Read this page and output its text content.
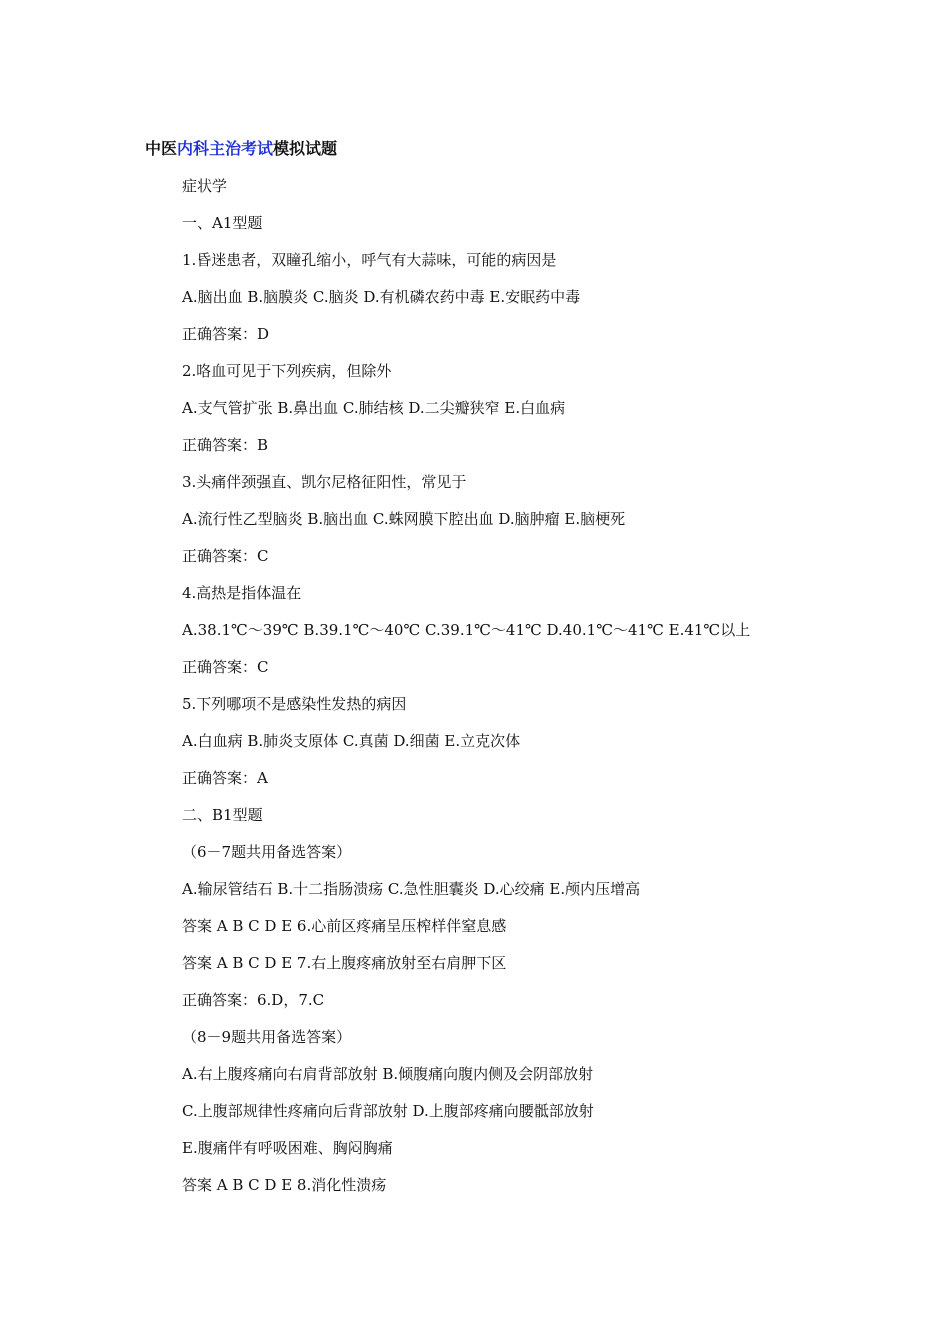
中医内科主治考试模拟试题
症状学
一、A1型题
1.昏迷患者，双瞳孔缩小，呼气有大蒜味，可能的病因是
A.脑出血 B.脑膜炎 C.脑炎 D.有机磷农药中毒 E.安眠药中毒
正确答案：D
2.咯血可见于下列疾病，但除外
A.支气管扩张 B.鼻出血 C.肺结核 D.二尖瓣狭窄 E.白血病
正确答案：B
3.头痛伴颈强直、凯尔尼格征阳性，常见于
A.流行性乙型脑炎 B.脑出血 C.蛛网膜下腔出血 D.脑肿瘤 E.脑梗死
正确答案：C
4.高热是指体温在
A.38.1℃～39℃ B.39.1℃～40℃ C.39.1℃～41℃ D.40.1℃～41℃ E.41℃以上
正确答案：C
5.下列哪项不是感染性发热的病因
A.白血病 B.肺炎支原体 C.真菌 D.细菌 E.立克次体
正确答案：A
二、B1型题
（6－7题共用备选答案）
A.输尿管结石 B.十二指肠溃疡 C.急性胆囊炎 D.心绞痛 E.颅内压增高
答案 A B C D E 6.心前区疼痛呈压榨样伴窒息感
答案 A B C D E 7.右上腹疼痛放射至右肩胛下区
正确答案：6.D，7.C
（8－9题共用备选答案）
A.右上腹疼痛向右肩背部放射 B.倾腹痛向腹内侧及会阴部放射
C.上腹部规律性疼痛向后背部放射 D.上腹部疼痛向腰骶部放射
E.腹痛伴有呼吸困难、胸闷胸痛
答案 A B C D E 8.消化性溃疡
